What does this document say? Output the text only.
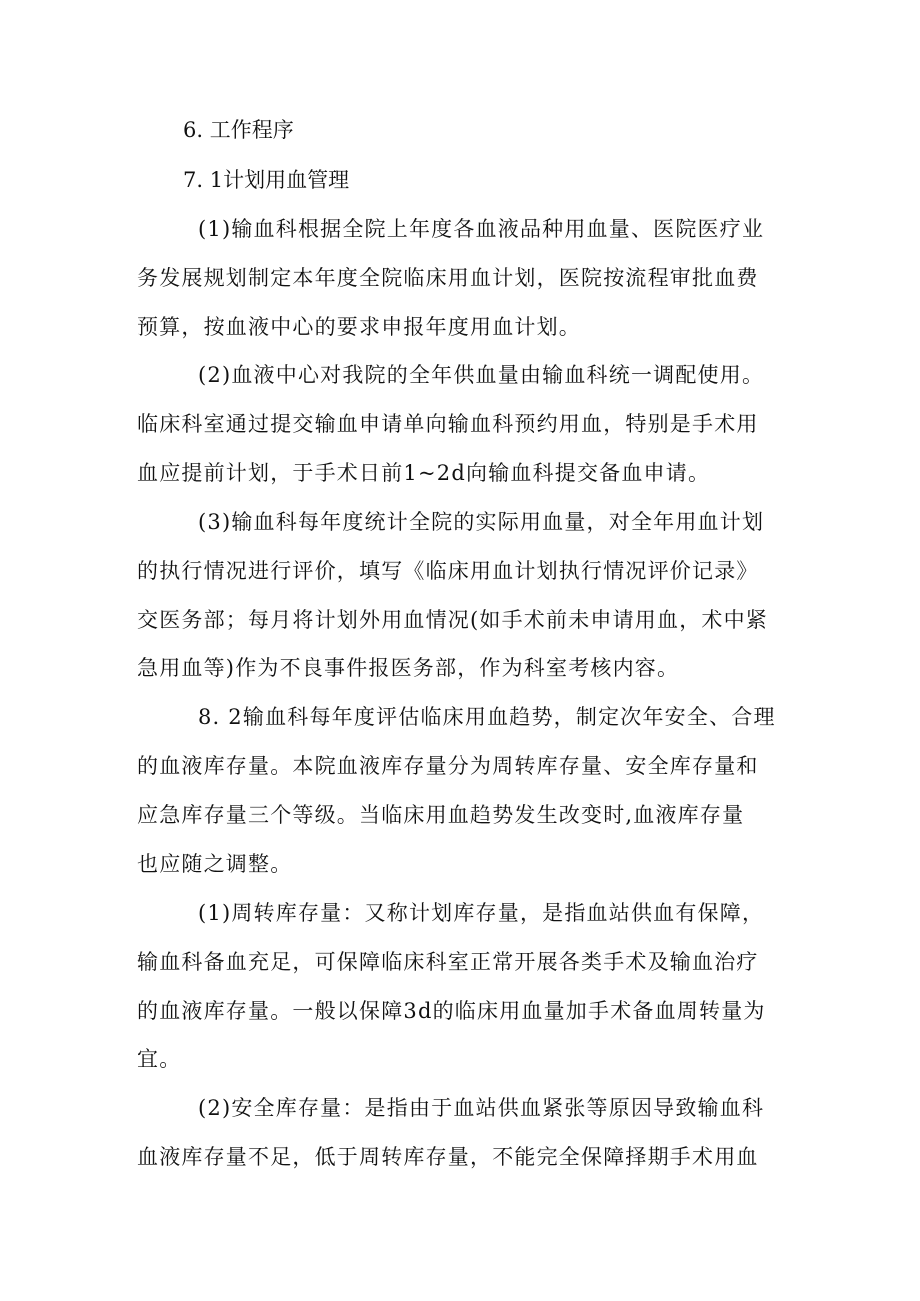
6. 工作程序
7. 1计划用血管理
(1)输血科根据全院上年度各血液品种用血量、医院医疗业
务发展规划制定本年度全院临床用血计划，医院按流程审批血费
预算，按血液中心的要求申报年度用血计划。
(2)血液中心对我院的全年供血量由输血科统一调配使用。
临床科室通过提交输血申请单向输血科预约用血，特别是手术用
血应提前计划，于手术日前1~2d向输血科提交备血申请。
(3)输血科每年度统计全院的实际用血量，对全年用血计划
的执行情况进行评价，填写《临床用血计划执行情况评价记录》
交医务部；每月将计划外用血情况(如手术前未申请用血，术中紧
急用血等)作为不良事件报医务部，作为科室考核内容。
8. 2输血科每年度评估临床用血趋势，制定次年安全、合理
的血液库存量。本院血液库存量分为周转库存量、安全库存量和
应急库存量三个等级。当临床用血趋势发生改变时,血液库存量
也应随之调整。
(1)周转库存量：又称计划库存量，是指血站供血有保障，
输血科备血充足，可保障临床科室正常开展各类手术及输血治疗
的血液库存量。一般以保障3d的临床用血量加手术备血周转量为
宜。
(2)安全库存量：是指由于血站供血紧张等原因导致输血科
血液库存量不足，低于周转库存量，不能完全保障择期手术用血
